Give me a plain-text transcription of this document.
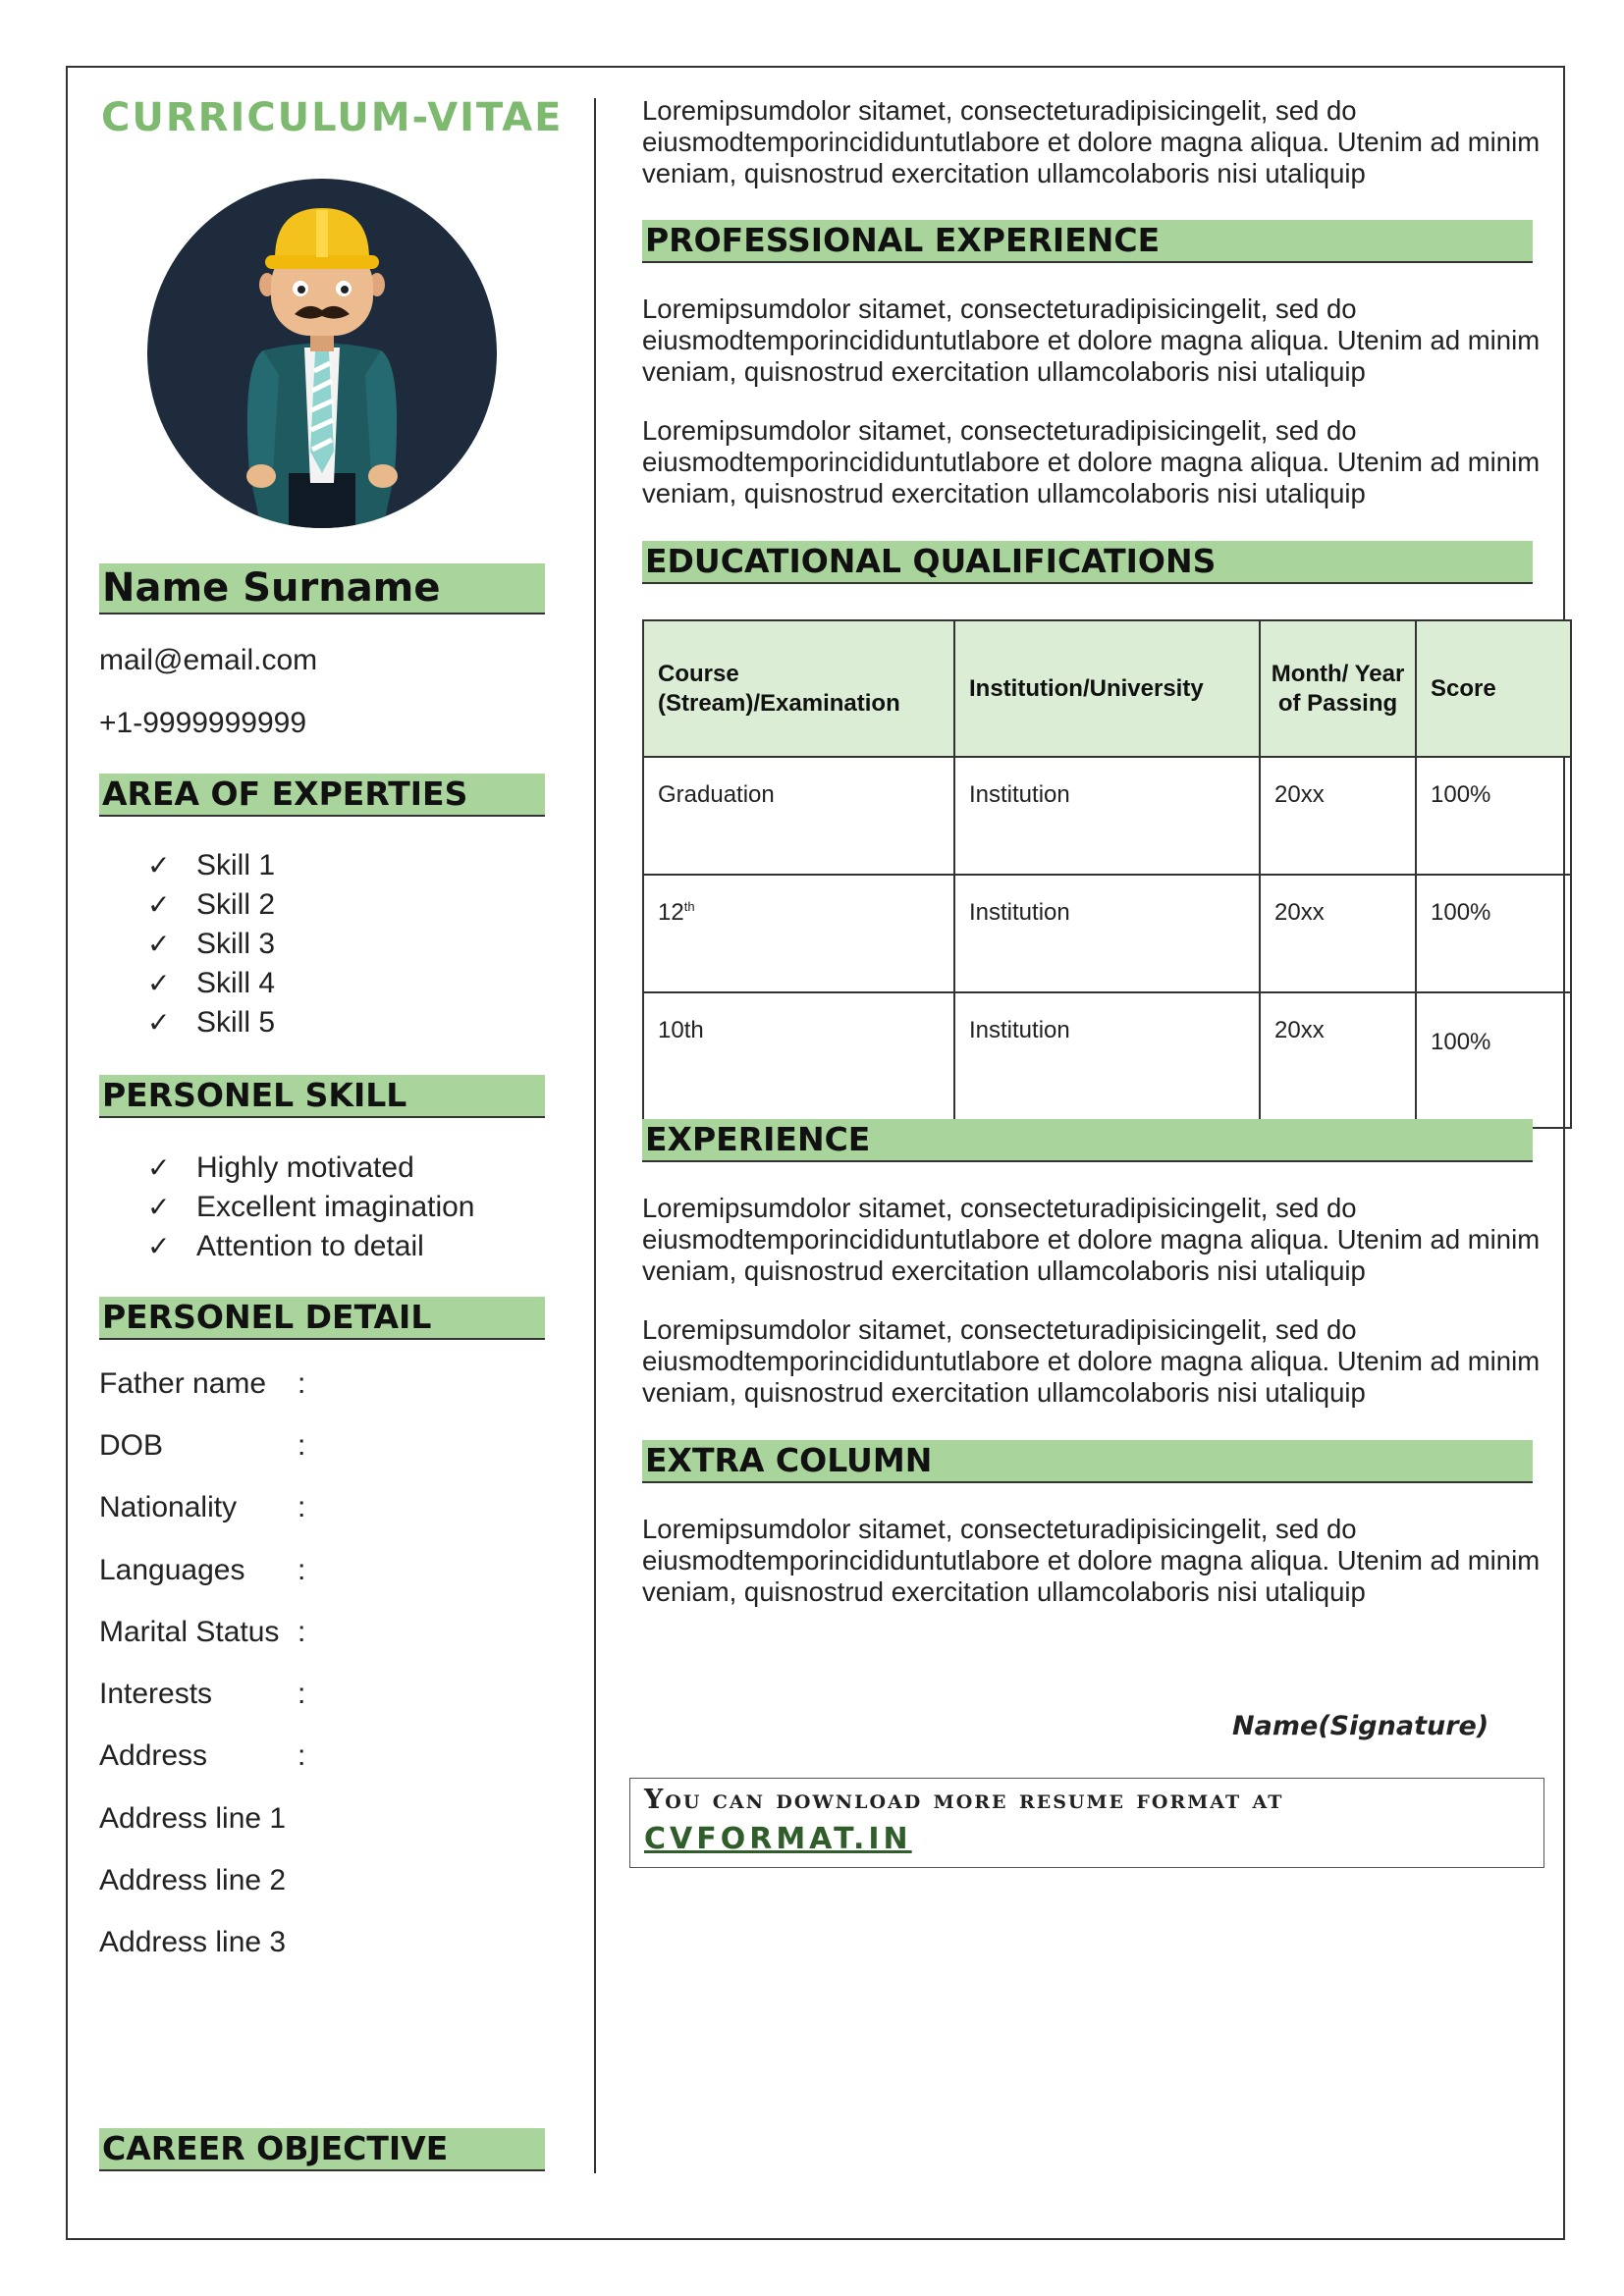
CURRICULUM-VITAE
Name Surname
mail@email.com
+1-9999999999
AREA OF EXPERTIES
✓ Skill 1
✓ Skill 2
✓ Skill 3
✓ Skill 4
✓ Skill 5
PERSONEL SKILL
✓ Highly motivated
✓ Excellent imagination
✓ Attention to detail
PERSONEL DETAIL
Father name :
DOB	:
Nationality :
Languages :
Marital Status :
Interests	:
Address	:
Address line 1
Address line 2
Address line 3
CAREER OBJECTIVE

Loremipsumdolor sitamet, consecteturadipisicingelit, sed do eiusmodtemporincididuntutlabore et dolore magna aliqua. Utenim ad minim veniam, quisnostrud exercitation ullamcolaboris nisi utaliquip

PROFESSIONAL EXPERIENCE

Loremipsumdolor sitamet, consecteturadipisicingelit, sed do eiusmodtemporincididuntutlabore et dolore magna aliqua. Utenim ad minim veniam, quisnostrud exercitation ullamcolaboris nisi utaliquip

Loremipsumdolor sitamet, consecteturadipisicingelit, sed do eiusmodtemporincididuntutlabore et dolore magna aliqua. Utenim ad minim veniam, quisnostrud exercitation ullamcolaboris nisi utaliquip

EDUCATIONAL QUALIFICATIONS
Course (Stream)/Examination	Institution/University	Month/ Year of Passing	Score
Graduation	Institution	20xx	100%
12th	Institution	20xx	100%
10th	Institution	20xx	100%
EXPERIENCE

Loremipsumdolor sitamet, consecteturadipisicingelit, sed do eiusmodtemporincididuntutlabore et dolore magna aliqua. Utenim ad minim veniam, quisnostrud exercitation ullamcolaboris nisi utaliquip

Loremipsumdolor sitamet, consecteturadipisicingelit, sed do eiusmodtemporincididuntutlabore et dolore magna aliqua. Utenim ad minim veniam, quisnostrud exercitation ullamcolaboris nisi utaliquip

EXTRA COLUMN

Loremipsumdolor sitamet, consecteturadipisicingelit, sed do eiusmodtemporincididuntutlabore et dolore magna aliqua. Utenim ad minim veniam, quisnostrud exercitation ullamcolaboris nisi utaliquip

Name(Signature)
You can download more resume format at
CVFORMAT.IN
